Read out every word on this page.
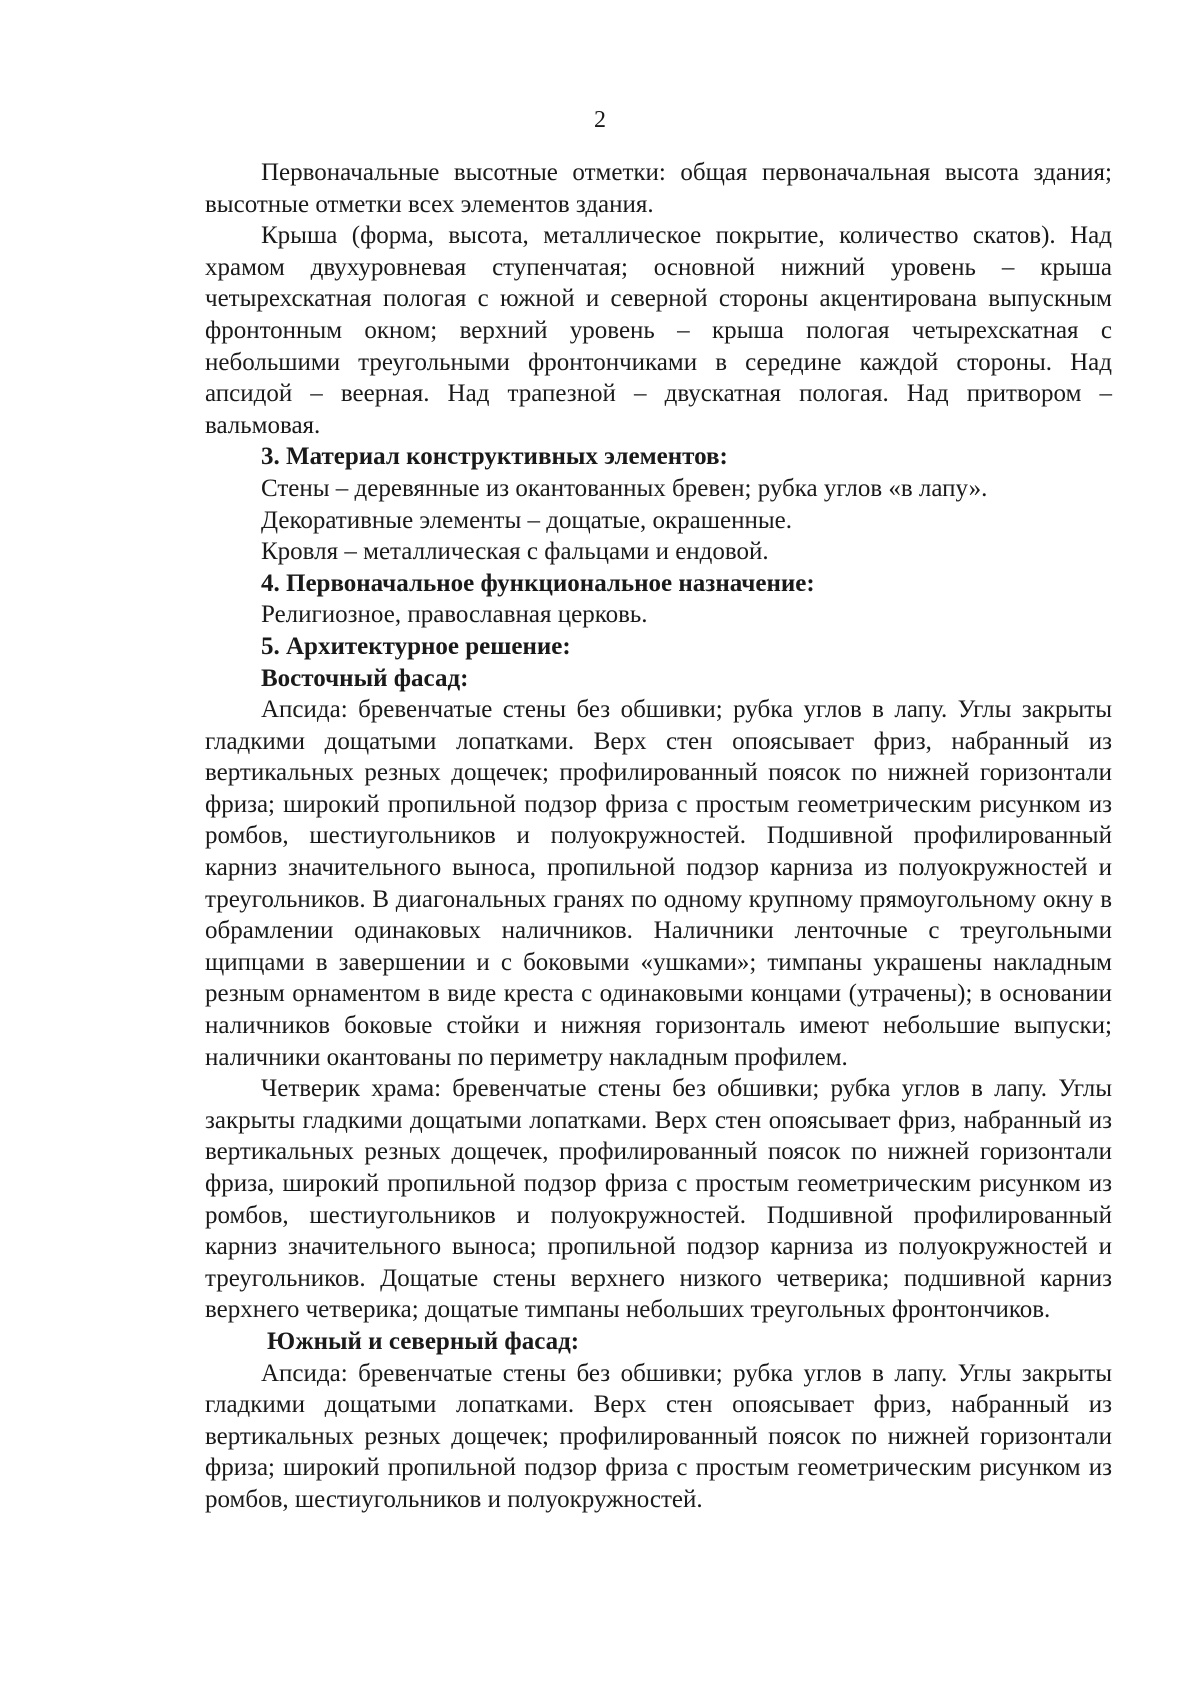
2

Первоначальные высотные отметки: общая первоначальная высота здания; высотные отметки всех элементов здания.

Крыша (форма, высота, металлическое покрытие, количество скатов). Над храмом двухуровневая ступенчатая; основной нижний уровень – крыша четырехскатная пологая с южной и северной стороны акцентирована выпускным фронтонным окном; верхний уровень – крыша пологая четырехскатная с небольшими треугольными фронтончиками в середине каждой стороны. Над апсидой – веерная. Над трапезной – двускатная пологая. Над притвором – вальмовая.

3. Материал конструктивных элементов:

Стены – деревянные из окантованных бревен; рубка углов «в лапу».

Декоративные элементы – дощатые, окрашенные.

Кровля – металлическая с фальцами и ендовой.

4. Первоначальное функциональное назначение:

Религиозное, православная церковь.

5. Архитектурное решение:

Восточный фасад:

Апсида: бревенчатые стены без обшивки; рубка углов в лапу. Углы закрыты гладкими дощатыми лопатками. Верх стен опоясывает фриз, набранный из вертикальных резных дощечек; профилированный поясок по нижней горизонтали фриза; широкий пропильной подзор фриза с простым геометрическим рисунком из ромбов, шестиугольников и полуокружностей. Подшивной профилированный карниз значительного выноса, пропильной подзор карниза из полуокружностей и треугольников. В диагональных гранях по одному крупному прямоугольному окну в обрамлении одинаковых наличников. Наличники ленточные с треугольными щипцами в завершении и с боковыми «ушками»; тимпаны украшены накладным резным орнаментом в виде креста с одинаковыми концами (утрачены); в основании наличников боковые стойки и нижняя горизонталь имеют небольшие выпуски; наличники окантованы по периметру накладным профилем.

Четверик храма: бревенчатые стены без обшивки; рубка углов в лапу. Углы закрыты гладкими дощатыми лопатками. Верх стен опоясывает фриз, набранный из вертикальных резных дощечек, профилированный поясок по нижней горизонтали фриза, широкий пропильной подзор фриза с простым геометрическим рисунком из ромбов, шестиугольников и полуокружностей. Подшивной профилированный карниз значительного выноса; пропильной подзор карниза из полуокружностей и треугольников. Дощатые стены верхнего низкого четверика; подшивной карниз верхнего четверика; дощатые тимпаны небольших треугольных фронтончиков.

Южный и северный фасад:

Апсида: бревенчатые стены без обшивки; рубка углов в лапу. Углы закрыты гладкими дощатыми лопатками. Верх стен опоясывает фриз, набранный из вертикальных резных дощечек; профилированный поясок по нижней горизонтали фриза; широкий пропильной подзор фриза с простым геометрическим рисунком из ромбов, шестиугольников и полуокружностей.
